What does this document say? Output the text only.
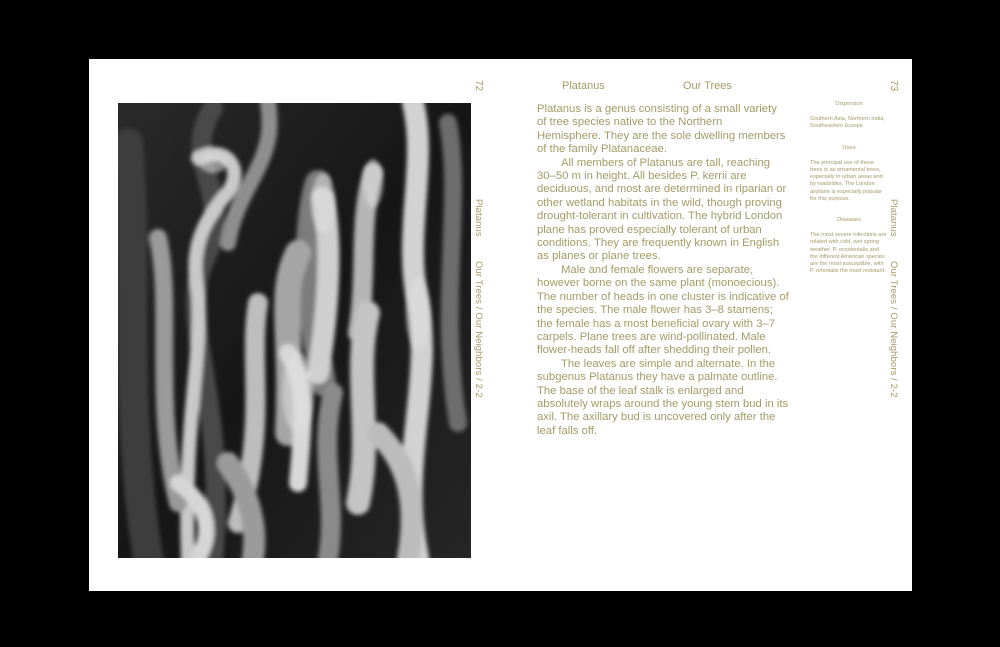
72
Platanus
Our Trees / Our Neighbors / 2-2
Platanus	Our Trees

Platanus is a genus consisting of a small variety of tree species native to the Northern Hemisphere. They are the sole dwelling members of the family Platanaceae.

All members of Platanus are tall, reaching 30–50 m in height. All besides P. kerrii are deciduous, and most are determined in riparian or other wetland habitats in the wild, though proving drought-tolerant in cultivation. The hybrid London plane has proved especially tolerant of urban conditions. They are frequently known in English as planes or plane trees.

Male and female flowers are separate, however borne on the same plant (monoecious). The number of heads in one cluster is indicative of the species. The male flower has 3–8 stamens; the female has a most beneficial ovary with 3–7 carpels. Plane trees are wind-pollinated. Male flower-heads fall off after shedding their pollen.

The leaves are simple and alternate. In the subgenus Platanus they have a palmate outline. The base of the leaf stalk is enlarged and absolutely wraps around the young stem bud in its axil. The axillary bud is uncovered only after the leaf falls off.

Dispersion

Southern Asia, Northern India, Southeastern Europe

Uses

The principal use of these trees is as ornamental trees, especially in urban areas and by roadsides. The London airplane is especially popular for this purpose.

Diseases

The most severe infections are related with cold, wet spring weather. P. occidentalis and the different American species are the most susceptible, with P. orientalis the most resistant.

73
Platanus
Our Trees / Our Neighbors / 2-2
